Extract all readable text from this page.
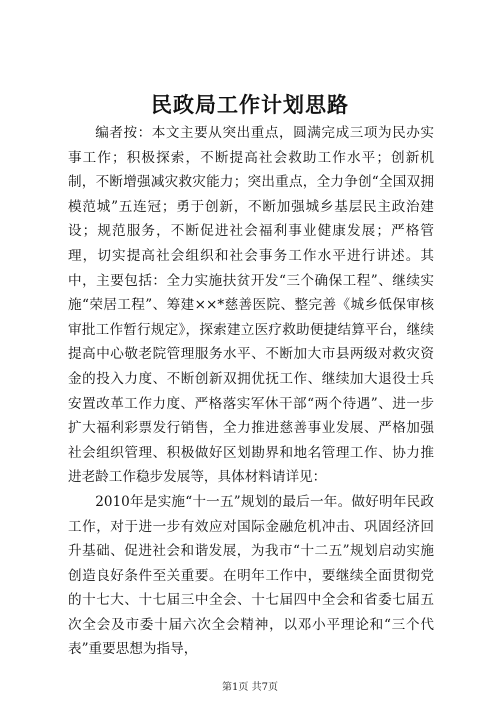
民政局工作计划思路

编者按：本文主要从突出重点，圆满完成三项为民办实事工作；积极探索，不断提高社会救助工作水平；创新机制，不断增强减灾救灾能力；突出重点，全力争创“全国双拥模范城”五连冠；勇于创新，不断加强城乡基层民主政治建设；规范服务，不断促进社会福利事业健康发展；严格管理，切实提高社会组织和社会事务工作水平进行讲述。其中，主要包括：全力实施扶贫开发“三个确保工程”、继续实施“荣居工程”、筹建××*慈善医院、整完善《城乡低保审核审批工作暂行规定》，探索建立医疗救助便捷结算平台，继续提高中心敬老院管理服务水平、不断加大市县两级对救灾资金的投入力度、不断创新双拥优抚工作、继续加大退役士兵安置改革工作力度、严格落实军休干部“两个待遇”、进一步扩大福利彩票发行销售，全力推进慈善事业发展、严格加强社会组织管理、积极做好区划勘界和地名管理工作、协力推进老龄工作稳步发展等，具体材料请详见：

2010年是实施“十一五”规划的最后一年。做好明年民政工作，对于进一步有效应对国际金融危机冲击、巩固经济回升基础、促进社会和谐发展，为我市“十二五”规划启动实施创造良好条件至关重要。在明年工作中，要继续全面贯彻党的十七大、十七届三中全会、十七届四中全会和省委七届五次全会及市委十届六次全会精神，以邓小平理论和“三个代表”重要思想为指导，

第1页 共7页
